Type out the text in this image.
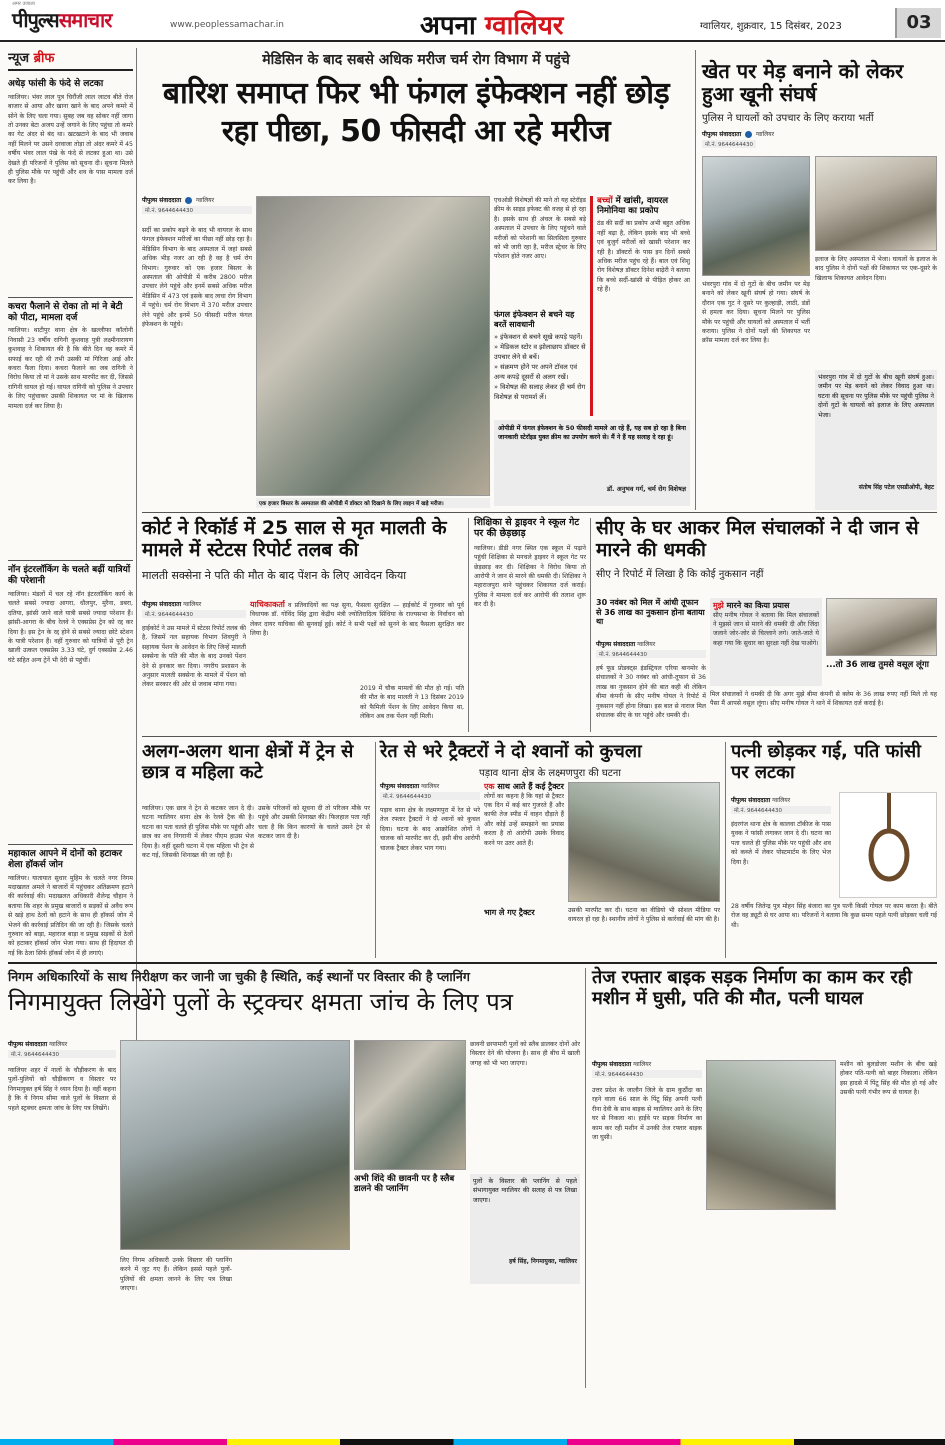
अमर उजाला
पीपुल्ससमाचार	www.peoplessamachar.in	अपना ग्वालियर	ग्वालियर, शुक्रवार, 15 दिसंबर, 2023	03
न्यूज ब्रीफ
अधेड़ फांसी के फंदे से लटका
ग्वालियर। भंवर लाल पुत्र चिरौंजी लाल जाटव बीते रोज बाजार से आया और खाना खाने के बाद अपने कमरे में सोने के लिए चला गया। सुबह जब वह सोकर नहीं जागा तो उनका बेटा अजय उन्हें जगाने के लिए पहुंचा तो कमरे का गेट अंदर से बंद था। खटखटाने के बाद भी जवाब नहीं मिलने पर उसने दरवाजा तोड़ा तो अंदर कमरे में 45 वर्षीय भंवर लाल पंखे के फंदे से लटका हुआ था। उसे देखते ही परिजनों ने पुलिस को सूचना दी। सूचना मिलते ही पुलिस मौके पर पहुंची और शव के पास मामला दर्ज कर लिया है।
कचरा फैलाने से रोका तो मां ने बेटी को पीटा, मामला दर्ज
ग्वालियर। थाटीपुर थाना क्षेत्र के खल्लीफा कॉलोनी निवासी 23 वर्षीय रागिनी कुशवाह पुत्री लक्ष्मीनारायण कुशवाह ने शिकायत की है कि बीते दिन वह कमरे में सफाई कर रही थी तभी उसकी मां गिरिजा आई और कचरा फैला दिया। कचरा फैलाने का जब रागिनी ने विरोध किया तो मां ने उसके साथ मारपीट कर दी, जिससे रागिनी घायल हो गई। घायल रागिनी को पुलिस ने उपचार के लिए पहुंचाकर उसकी शिकायत पर मां के खिलाफ मामला दर्ज कर लिया है।
नॉन इंटरलॉकिंग के चलते बढ़ीं यात्रियों की परेशानी
ग्वालियर। मंडलों में चल रहे नॉन इंटरलॉकिंग कार्य के चलते सबसे ज्यादा आगरा, धौलपुर, मुरैना, डबरा, दतिया, झांसी जाने वाले यात्री सबसे ज्यादा परेशान हैं। झांसी-आगरा के बीच रेलवे ने एक्सप्रेस ट्रेन को रद्द कर दिया है। इस ट्रेन के रद्द होने से सबसे ज्यादा छोटे स्टेशन के यात्री परेशान हैं। वहीं गुरुवार को यात्रियों से पूरी ट्रेन खाली उत्कल एक्सप्रेस 3.33 घंटे, दुर्ग एक्सप्रेस 2.46 घंटे सहित अन्य ट्रेनें भी देरी से पहुंचीं।
महाकाल आपने में दोनों को हटाकर शेला हॉकर्स जोन
ग्वालियर। यातायात सुधार मुहिम के चलते नगर निगम मदाखलत अमले ने बाजारों में पहुंचकर अतिक्रमण हटाने की कार्रवाई की। मदाखलत अधिकारी शैलेन्द्र चौहान ने बताया कि शहर के प्रमुख बाजारों व सड़कों से अवैध रूप से खड़े हाथ ठेलों को हटाने के साथ ही हॉकर्स जोन में भेजने की कार्रवाई प्रतिदिन की जा रही है। जिसके चलते गुरुवार को बाड़ा, महाराज बाड़ा व प्रमुख सड़कों से ठेलों को हटाकर हॉकर्स जोन भेजा गया। साथ ही हिदायत दी गई कि ठेला सिर्फ हॉकर्स जोन में ही लगाएं।
मेडिसिन के बाद सबसे अधिक मरीज चर्म रोग विभाग में पहुंचे
बारिश समाप्त फिर भी फंगल इंफेक्शन नहीं छोड़ रहा पीछा, 50 फीसदी आ रहे मरीज
पीपुल्स संवाददाता ग्वालियर
मो.नं. 9644644430
सर्दी का प्रकोप बढ़ने के बाद भी वायरल के साथ फंगल इंफेक्शन मरीजों का पीछा नहीं छोड़ रहा है। मेडिसिन विभाग के बाद अस्पताल में जहां सबसे अधिक भीड़ नजर आ रही है वह है चर्म रोग विभाग। गुरुवार को एक हजार बिस्तर के अस्पताल की ओपीडी में करीब 2800 मरीज उपचार लेने पहुंचे और इनमें सबसे अधिक मरीज मेडिसिन में 473 एवं इसके बाद त्वचा रोग विभाग में पहुंचे। चर्म रोग विभाग में 370 मरीज उपचार लेने पहुंचे और इनमें 50 फीसदी मरीज फंगल इंफेक्शन के पहुंचे।
एक हजार बिस्तर के अस्पताल की ओपीडी में डॉक्टर को दिखाने के लिए लाइन में खड़े मरीज।
एचओडी विशेषज्ञों की माने तो यह स्टेरॉइड क्रीम के साइड इफेक्ट की वजह से हो रहा है। इसके साथ ही अंचल के सबसे बड़े अस्पताल में उपचार के लिए पहुंचने वाले मरीजों को परेशानी का सिलसिला गुरुवार को भी जारी रहा है, मरीज स्ट्रेचर के लिए परेशान होते नजर आए।
फंगल इंफेक्शन से बचने यह बरतें सावधानी
» इंफेक्शन से बचने सूखे कपड़े पहनें।
» मेडिकल स्टोर व झोलाछाप डॉक्टर से उपचार लेने से बचें।
» संक्रमण होने पर अपने टॉवल एवं अन्य कपड़े दूसरों से अलग रखें।
» विशेषज्ञ की सलाह लेकर ही चर्म रोग विशेषज्ञ से परामर्श लें।
बच्चों में खांसी, वायरल निमोनिया का प्रकोप
ठंड की सर्दी का प्रकोप अभी बहुत अधिक नहीं बढ़ा है, लेकिन इसके बाद भी बच्चे एवं बुजुर्ग मरीजों को खासी परेशान कर रही है। डॉक्टरों के पास इन दिनों सबसे अधिक मरीज पहुंच रहे हैं। बाल एवं शिशु रोग विशेषज्ञ डॉक्टर दिनेश बाढ़ेरी ने बताया कि बच्चे सर्दी-खांसी से पीड़ित होकर आ रहे हैं।
ओपीडी में फंगल इंफेक्शन के 50 फीसदी मामले आ रहे हैं, यह सब हो रहा है बिना जानकारी स्टेरॉइड युक्त क्रीम का उपयोग करने से। मैं ने हैं यह सलाह दे रहा हूं।
डॉ. अनुभव गर्ग, चर्म रोग विशेषज्ञ
खेत पर मेड़ बनाने को लेकर हुआ खूनी संघर्ष
पुलिस ने घायलों को उपचार के लिए कराया भर्ती
पीपुल्स संवाददाता ग्वालियर
मो.नं. 9644644430
भंवरपुरा गांव में दो गुटों के बीच जमीन पर मेड़ बनाने को लेकर खूनी संघर्ष हो गया। संघर्ष के दौरान एक गुट ने दूसरे पर कुल्हाड़ी, लाठी, डंडों से हमला कर दिया। सूचना मिलने पर पुलिस मौके पर पहुंची और घायलों को अस्पताल में भर्ती कराया। पुलिस ने दोनों पक्षों की शिकायत पर क्रॉस मामला दर्ज कर लिया है।
इलाज के लिए अस्पताल में भेजा। घायलों के इलाज के बाद पुलिस ने दोनों पक्षों की शिकायत पर एक-दूसरे के खिलाफ शिकायत आवेदन दिया।
भंवरपुरा गांव में दो गुटों के बीच खूनी संघर्ष हुआ। जमीन पर मेड़ बनाने को लेकर विवाद हुआ था। घटना की सूचना पर पुलिस मौके पर पहुंची पुलिस ने दोनों गुटों के घायलों को इलाज के लिए अस्पताल भेजा।
संतोष सिंह पटेल एसडीओपी, बेहट
कोर्ट ने रिकॉर्ड में 25 साल से मृत मालती के मामले में स्टेटस रिपोर्ट तलब की
मालती सक्सेना ने पति की मौत के बाद पेंशन के लिए आवेदन किया
पीपुल्स संवाददाता ग्वालियर
मो.नं. 9644644430
हाईकोर्ट ने उस मामले में स्टेटस रिपोर्ट तलब की है, जिसमें नल सहायक विभाग शिवपुरी ने सहायक पेंशन के आवेदन के लिए जिन्हें मालती सक्सेना के पति की मौत के बाद उनको पेंशन देने से इनकार कर दिया। नगरीय प्रशासन के अनुसार मालती सक्सेना के मामले में पेंशन को लेकर सरकार की ओर से जवाब मांगा गया।
याचिकाकर्ता व प्रतिवादियों का पक्ष सुना, फैसला सुरक्षित — हाईकोर्ट में गुरुवार को पूर्व विधायक डॉ. गोविंद सिंह द्वारा केंद्रीय मंत्री ज्योतिरादित्य सिंधिया के राज्यसभा के निर्वाचन को लेकर दायर याचिका की सुनवाई हुई। कोर्ट ने सभी पक्षों को सुनने के बाद फैसला सुरक्षित कर लिया है।
2019 में चौक मामलों की मौत हो गई। पति की मौत के बाद मालती ने 13 दिसंबर 2019 को फैमिली पेंशन के लिए आवेदन किया था, लेकिन अब तक पेंशन नहीं मिली।
शिक्षिका से ड्राइवर ने स्कूल गेट पर की छेड़छाड़
ग्वालियर। डीडी नगर स्थित एक स्कूल में पढ़ाने पहुंची शिक्षिका से मनचले ड्राइवर ने स्कूल गेट पर छेड़छाड़ कर दी। शिक्षिका ने विरोध किया तो आरोपी ने जान से मारने की धमकी दी। शिक्षिका ने महाराजपुरा थाने पहुंचकर शिकायत दर्ज कराई। पुलिस ने मामला दर्ज कर आरोपी की तलाश शुरू कर दी है।
सीए के घर आकर मिल संचालकों ने दी जान से मारने की धमकी
सीए ने रिपोर्ट में लिखा है कि कोई नुकसान नहीं
30 नवंबर को मिल में आंधी तूफान से 36 लाख का नुकसान होना बताया था
पीपुल्स संवाददाता ग्वालियर
मो.नं. 9644644430
हर्ष फूड प्रोडक्ट्स इंडस्ट्रियल एरिया बानमोर के संचालकों ने 30 नवंबर को आंधी-तूफान से 36 लाख का नुकसान होने की बात कही थी लेकिन बीमा कंपनी के सीए मनीष गोयल ने रिपोर्ट में नुकसान नहीं होना लिखा। इस बात से नाराज मिल संचालक सीए के घर पहुंचे और धमकी दी।
मुझे मारने का किया प्रयास
सीए मनीष गोयल ने बताया कि मिल संचालकों ने मुझसे जान से मारने की धमकी दी और जिंदा जलाने जोर-जोर से चिल्लाने लगे। जाते-जाते ये कहा गया कि सुधार का सुरक्षा नहीं देख पाओगे।
...तो 36 लाख तुमसे वसूल लूंगा
मिल संचालकों ने धमकी दी कि अगर मुझे बीमा कंपनी से क्लेम के 36 लाख रुपए नहीं मिले तो यह पैसा मैं आपसे वसूल लूंगा। सीए मनीष गोयल ने थाने में शिकायत दर्ज कराई है।
अलग-अलग थाना क्षेत्रों में ट्रेन से छात्र व महिला कटे
ग्वालियर। एक छात्र ने ट्रेन से कटकर जान दे दी। घटना ग्वालियर थाना क्षेत्र के रेलवे ट्रैक की है। घटना का पता चलते ही पुलिस मौके पर पहुंची और छात्र का शव निगरानी में लेकर पीएम हाउस भेज दिया है। वहीं दूसरी घटना में एक महिला भी ट्रेन से कट गई, जिसकी शिनाख्त की जा रही है।
उसके परिजनों को सूचना दी तो परिजन मौके पर पहुंचे और उसकी शिनाख्त की। फिलहाल पता नहीं चला है कि किन कारणों के चलते उसने ट्रेन से कटकर जान दी है।
रेत से भरे ट्रैक्टरों ने दो श्वानों को कुचला
पड़ाव थाना क्षेत्र के लक्ष्मणपुरा की घटना
पीपुल्स संवाददाता ग्वालियर
मो.नं. 9644644430
पड़ाव थाना क्षेत्र के लक्ष्मणपुरा में रेत से भरे तेज रफ्तार ट्रैक्टरों ने दो श्वानों को कुचल दिया। घटना के बाद आक्रोशित लोगों ने चालक को मारपीट कर दी, इसी बीच आरोपी चालक ट्रैक्टर लेकर भाग गया।
एक साथ आते हैं कई ट्रैक्टर
लोगों का कहना है कि यहां से ट्रैक्टर एक दिन में कई बार गुजरते हैं और काफी तेज स्पीड में वाहन दौड़ाते हैं और कोई उन्हें समझाने का प्रयास करता है तो आरोपी उसके विवाद करने पर उतर आते हैं।
भाग ले गए ट्रैक्टर	उसकी मारपीट कर दी। घटना का वीडियो भी सोशल मीडिया पर वायरल हो रहा है। स्थानीय लोगों ने पुलिस से कार्रवाई की मांग की है।
पत्नी छोड़कर गई, पति फांसी पर लटका
पीपुल्स संवाददाता ग्वालियर
मो.नं. 9644644430
इंदरगंज थाना क्षेत्र के कालवा टॉकीज के पास युवक ने फांसी लगाकर जान दे दी। घटना का पता चलते ही पुलिस मौके पर पहुंची और शव को कब्जे में लेकर पोस्टमार्टम के लिए भेज दिया है।
28 वर्षीय जितेन्द्र पुत्र मोहन सिंह बंजारा का पुत्र पत्नी किसी गोयल पर काम करता है। बीते रोज वह ड्यूटी से घर आया था। परिजनों ने बताया कि कुछ समय पहले पत्नी छोड़कर चली गई थी।
निगम अधिकारियों के साथ निरीक्षण कर जानी जा चुकी है स्थिति, कई स्थानों पर विस्तार की है प्लानिंग
निगमायुक्त लिखेंगे पुलों के स्ट्रक्चर क्षमता जांच के लिए पत्र
पीपुल्स संवाददाता ग्वालियर
मो.नं. 9644644430
ग्वालियर शहर में नालों के चौड़ीकरण के बाद पुलों-पुलियों को चौड़ीकरण व विस्तार पर निगमायुक्त हर्ष सिंह ने ध्यान दिया है। वहीं कहना है कि ये निगम सीमा वाले पुलों के विस्तार से पहले स्ट्रक्चर क्षमता जांच के लिए पत्र लिखेंगे।
लिए निगम अधिकारी उनके विस्तार की प्लानिंग करने में जुट गए हैं। लेकिन इससे पहले पुलों-पुलियों की क्षमता जानने के लिए पत्र लिखा जाएगा।
छावनी छापामारी पुलों को स्लैब डालकर दोनों ओर विस्तार देने की योजना है। साथ ही बीच में खाली जगह को भी भरा जाएगा।
अभी शिंदे की छावनी पर है स्लैब डालने की प्लानिंग
पुलों के विस्तार की प्लानिंग से पहले संभागायुक्त ग्वालियर की सलाह से पत्र लिखा जाएगा।
हर्ष सिंह, निगमायुक्त, ग्वालियर
तेज रफ्तार बाइक सड़क निर्माण का काम कर रही मशीन में घुसी, पति की मौत, पत्नी घायल
पीपुल्स संवाददाता ग्वालियर
मो.नं. 9644644430
उत्तर प्रदेश के जालौन जिले के ग्राम कुठौंदा का रहने वाला 66 साल के पिंटू सिंह अपनी पत्नी रीना देवी के साथ बाइक से ग्वालियर आने के लिए घर से निकला था। हाईवे पर सड़क निर्माण का काम कर रही मशीन में उनकी तेज रफ्तार बाइक जा घुसी।
मशीन को बुलडोजर मशीन के बीच खड़े होकर पति-पत्नी को बाहर निकाला। लेकिन इस हादसे में पिंटू सिंह की मौत हो गई और उसकी पत्नी गंभीर रूप से घायल है।
